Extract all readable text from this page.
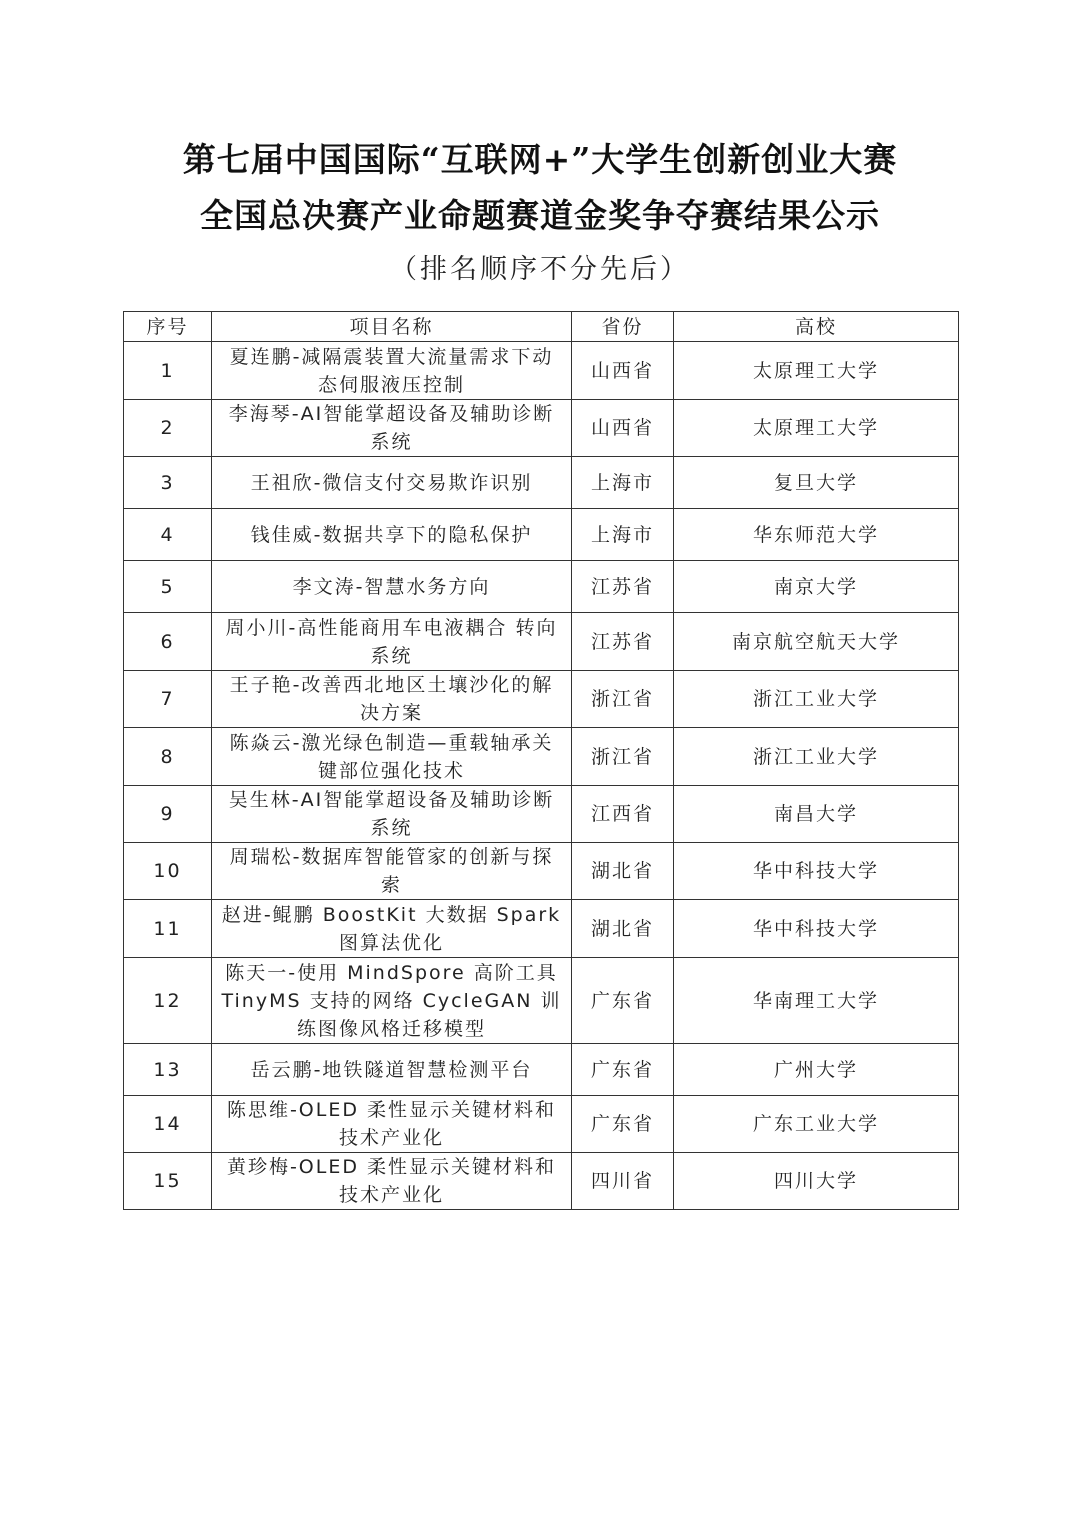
第七届中国国际“互联网+”大学生创新创业大赛
全国总决赛产业命题赛道金奖争夺赛结果公示
（排名顺序不分先后）
序号	项目名称	省份	高校
1	夏连鹏-减隔震装置大流量需求下动态伺服液压控制	山西省	太原理工大学
2	李海琴-AI智能掌超设备及辅助诊断系统	山西省	太原理工大学
3	王祖欣-微信支付交易欺诈识别	上海市	复旦大学
4	钱佳威-数据共享下的隐私保护	上海市	华东师范大学
5	李文涛-智慧水务方向	江苏省	南京大学
6	周小川-高性能商用车电液耦合 转向系统	江苏省	南京航空航天大学
7	王子艳-改善西北地区土壤沙化的解决方案	浙江省	浙江工业大学
8	陈焱云-激光绿色制造—重载轴承关键部位强化技术	浙江省	浙江工业大学
9	吴生林-AI智能掌超设备及辅助诊断系统	江西省	南昌大学
10	周瑞松-数据库智能管家的创新与探索	湖北省	华中科技大学
11	赵进-鲲鹏 BoostKit 大数据 Spark 图算法优化	湖北省	华中科技大学
12	陈天一-使用 MindSpore 高阶工具 TinyMS 支持的网络 CycleGAN 训练图像风格迁移模型	广东省	华南理工大学
13	岳云鹏-地铁隧道智慧检测平台	广东省	广州大学
14	陈思维-OLED 柔性显示关键材料和技术产业化	广东省	广东工业大学
15	黄珍梅-OLED 柔性显示关键材料和技术产业化	四川省	四川大学
